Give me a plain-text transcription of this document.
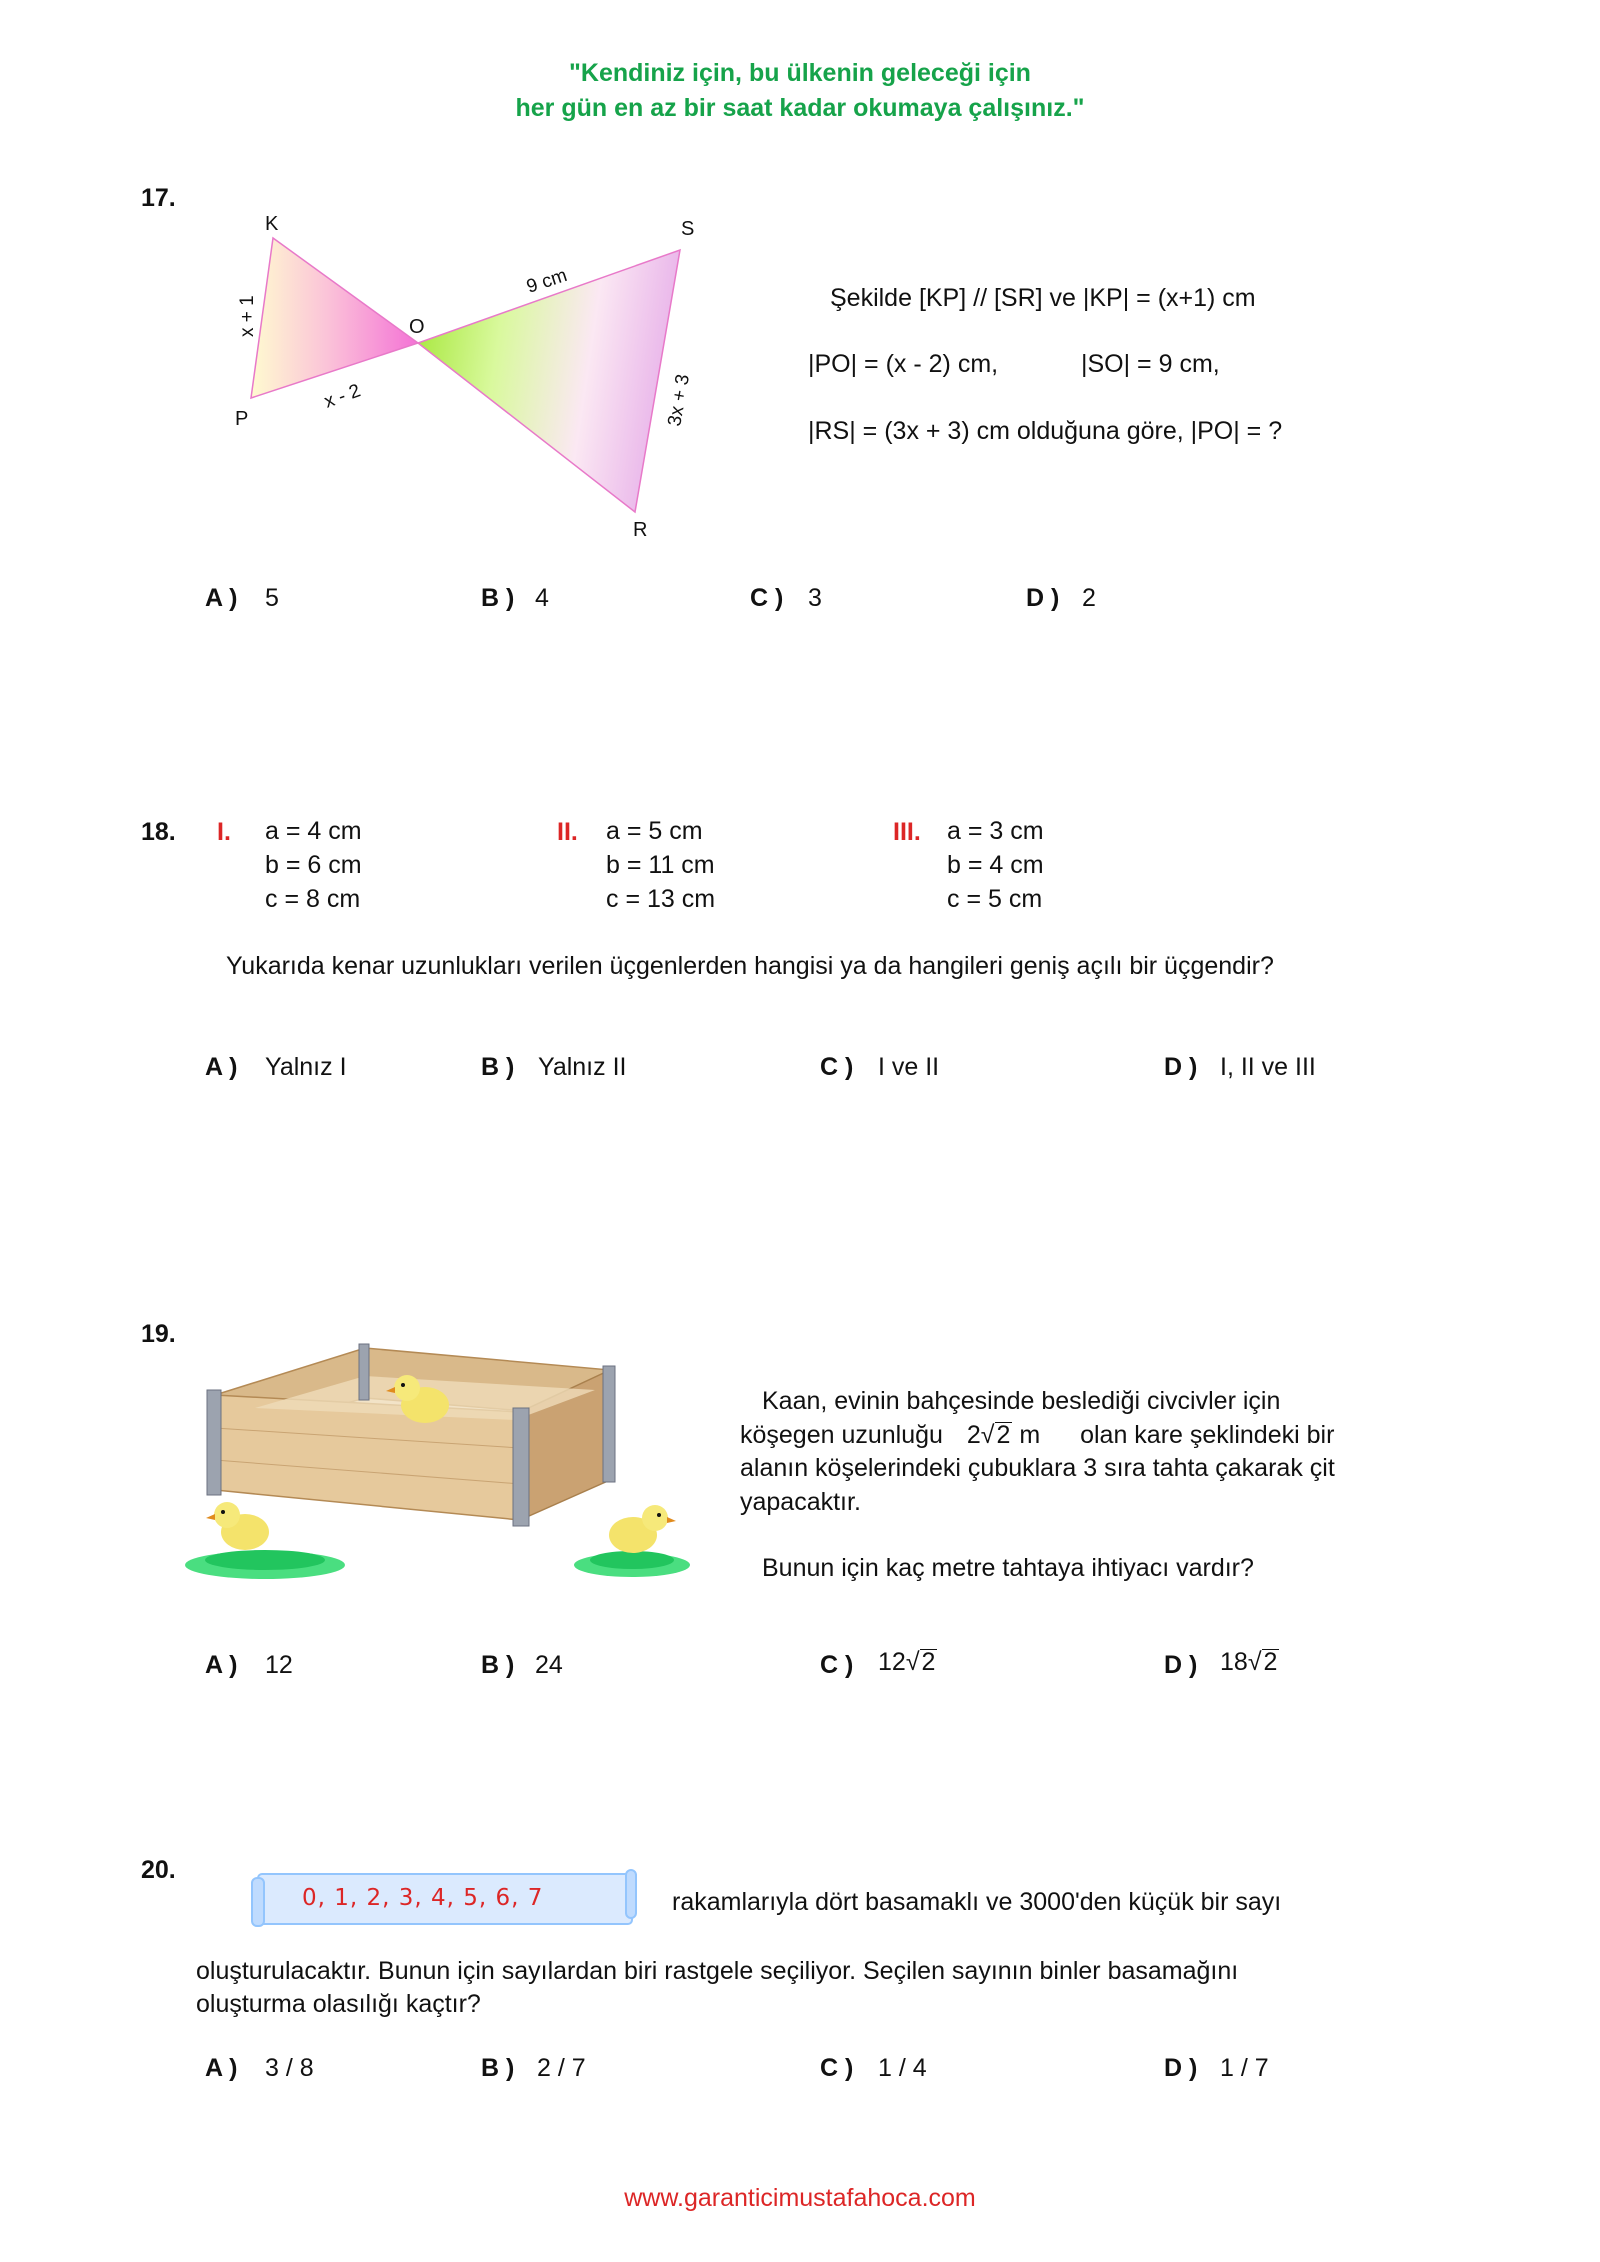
"Kendiniz için, bu ülkenin geleceği için
her gün en az bir saat kadar okumaya çalışınız."
17.
K	S
O
P
R
x + 1
x - 2
9 cm
3x + 3
Şekilde [KP] // [SR] ve |KP| = (x+1) cm
|PO| = (x - 2) cm,	|SO| = 9 cm,
|RS| = (3x + 3) cm olduğuna göre, |PO| = ?
A ) 5	B ) 4	C ) 3	D ) 2
18. I. a = 4 cm
b = 6 cm
c = 8 cm
II. a = 5 cm
b = 11 cm
c = 13 cm
III. a = 3 cm
b = 4 cm
c = 5 cm
Yukarıda kenar uzunlukları verilen üçgenlerden hangisi ya da hangileri geniş açılı bir üçgendir?
A ) Yalnız I	B ) Yalnız II	C ) I ve II	D ) I, II ve III
19.
Kaan, evinin bahçesinde beslediği civcivler için
köşegen uzunluğu 2√2 m olan kare şeklindeki bir
alanın köşelerindeki çubuklara 3 sıra tahta çakarak çit
yapacaktır.
Bunun için kaç metre tahtaya ihtiyacı vardır?
A ) 12	B ) 24	C ) 12√2	D ) 18√2
20.
0, 1, 2, 3, 4, 5, 6, 7	rakamlarıyla dört basamaklı ve 3000'den küçük bir sayı
oluşturulacaktır. Bunun için sayılardan biri rastgele seçiliyor. Seçilen sayının binler basamağını
oluşturma olasılığı kaçtır?
A ) 3 / 8	B ) 2 / 7	C ) 1 / 4	D ) 1 / 7
www.garanticimustafahoca.com
